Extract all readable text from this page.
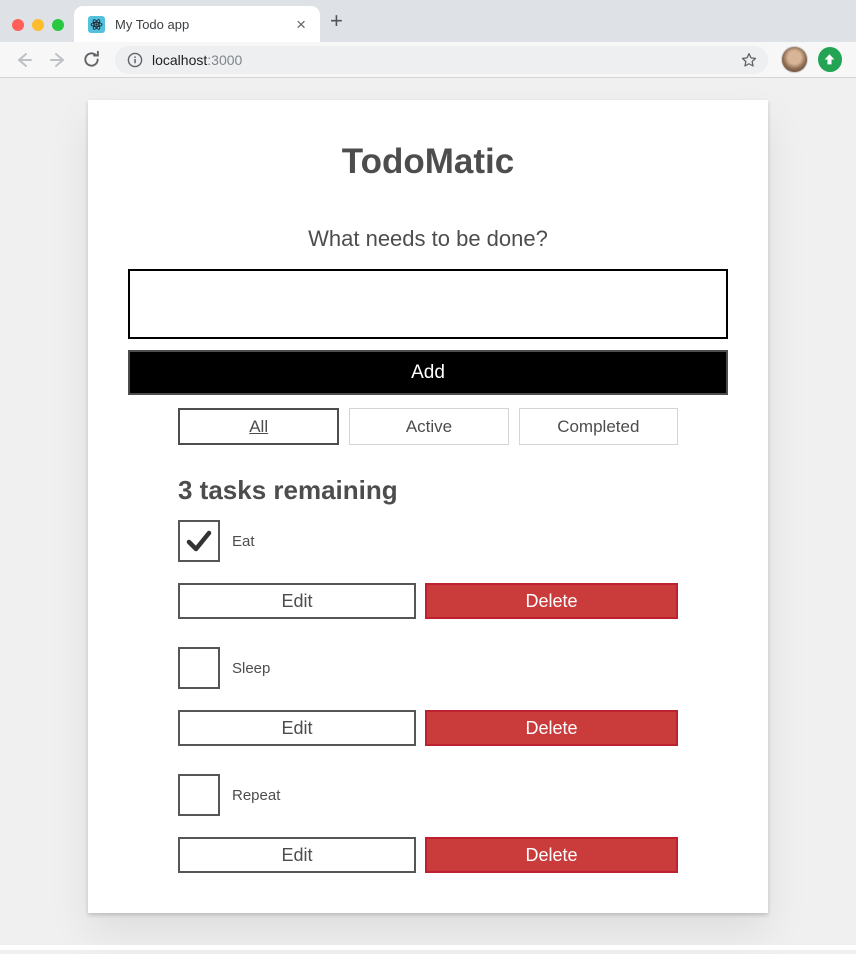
My Todo app	× +
localhost:3000
TodoMatic
What needs to be done?
Add
All	Active	Completed
3 tasks remaining
Eat
Edit	Delete
Sleep
Edit	Delete
Repeat
Edit	Delete
